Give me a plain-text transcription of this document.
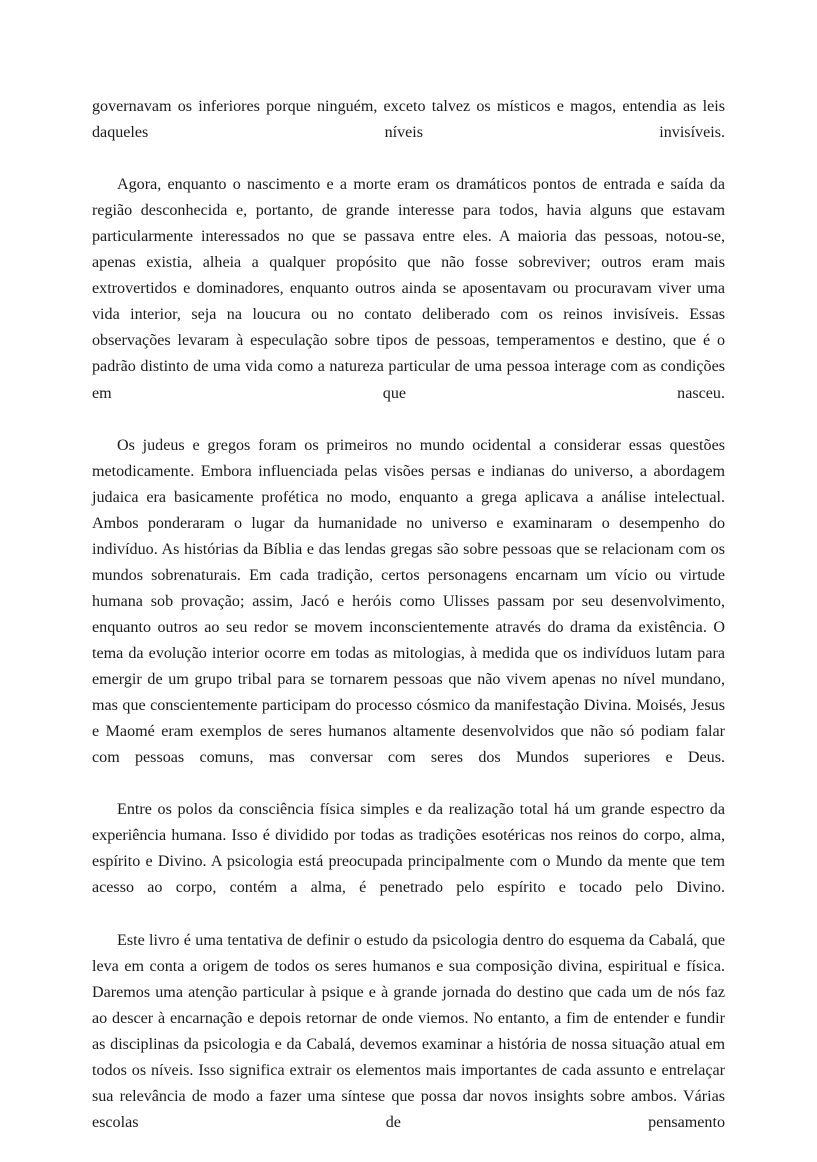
governavam os inferiores porque ninguém, exceto talvez os místicos e magos, entendia as leis daqueles níveis invisíveis.

Agora, enquanto o nascimento e a morte eram os dramáticos pontos de entrada e saída da região desconhecida e, portanto, de grande interesse para todos, havia alguns que estavam particularmente interessados no que se passava entre eles. A maioria das pessoas, notou-se, apenas existia, alheia a qualquer propósito que não fosse sobreviver; outros eram mais extrovertidos e dominadores, enquanto outros ainda se aposentavam ou procuravam viver uma vida interior, seja na loucura ou no contato deliberado com os reinos invisíveis. Essas observações levaram à especulação sobre tipos de pessoas, temperamentos e destino, que é o padrão distinto de uma vida como a natureza particular de uma pessoa interage com as condições em que nasceu.

Os judeus e gregos foram os primeiros no mundo ocidental a considerar essas questões metodicamente. Embora influenciada pelas visões persas e indianas do universo, a abordagem judaica era basicamente profética no modo, enquanto a grega aplicava a análise intelectual. Ambos ponderaram o lugar da humanidade no universo e examinaram o desempenho do indivíduo. As histórias da Bíblia e das lendas gregas são sobre pessoas que se relacionam com os mundos sobrenaturais. Em cada tradição, certos personagens encarnam um vício ou virtude humana sob provação; assim, Jacó e heróis como Ulisses passam por seu desenvolvimento, enquanto outros ao seu redor se movem inconscientemente através do drama da existência. O tema da evolução interior ocorre em todas as mitologias, à medida que os indivíduos lutam para emergir de um grupo tribal para se tornarem pessoas que não vivem apenas no nível mundano, mas que conscientemente participam do processo cósmico da manifestação Divina. Moisés, Jesus e Maomé eram exemplos de seres humanos altamente desenvolvidos que não só podiam falar com pessoas comuns, mas conversar com seres dos Mundos superiores e Deus.

Entre os polos da consciência física simples e da realização total há um grande espectro da experiência humana. Isso é dividido por todas as tradições esotéricas nos reinos do corpo, alma, espírito e Divino. A psicologia está preocupada principalmente com o Mundo da mente que tem acesso ao corpo, contém a alma, é penetrado pelo espírito e tocado pelo Divino.

Este livro é uma tentativa de definir o estudo da psicologia dentro do esquema da Cabalá, que leva em conta a origem de todos os seres humanos e sua composição divina, espiritual e física. Daremos uma atenção particular à psique e à grande jornada do destino que cada um de nós faz ao descer à encarnação e depois retornar de onde viemos. No entanto, a fim de entender e fundir as disciplinas da psicologia e da Cabalá, devemos examinar a história de nossa situação atual em todos os níveis. Isso significa extrair os elementos mais importantes de cada assunto e entrelaçar sua relevância de modo a fazer uma síntese que possa dar novos insights sobre ambos. Várias escolas de pensamento
